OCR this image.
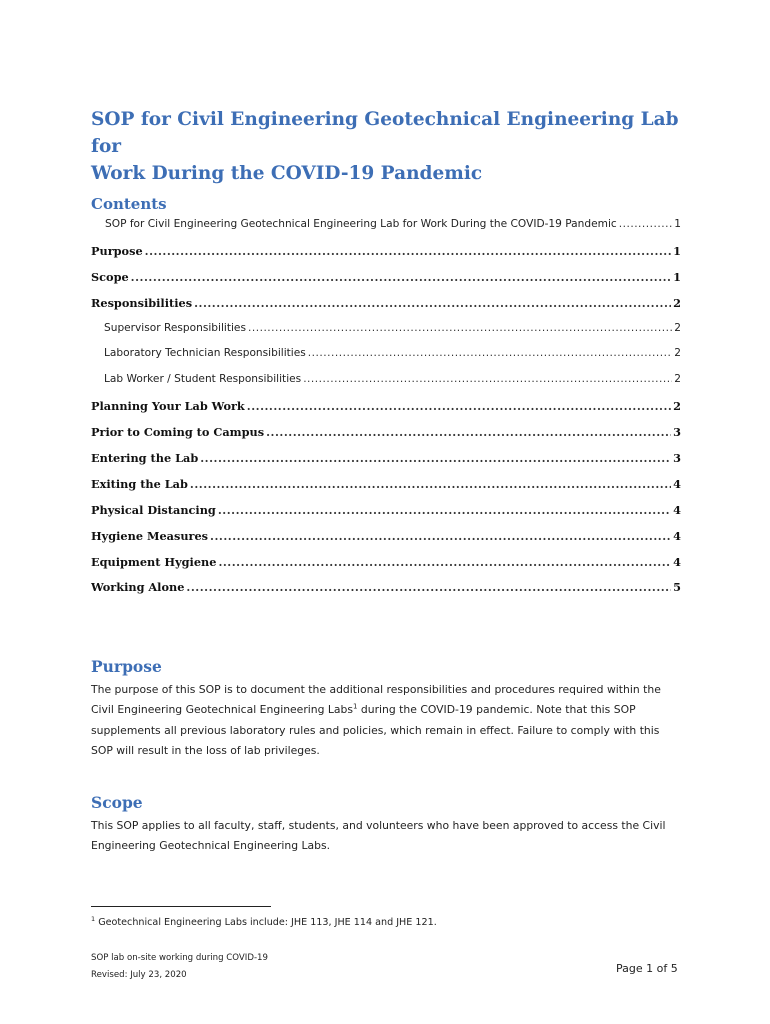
SOP for Civil Engineering Geotechnical Engineering Lab for
Work During the COVID-19 Pandemic
Contents
SOP for Civil Engineering Geotechnical Engineering Lab for Work During the COVID-19 Pandemic .....	1
Purpose .....	1
Scope .....	1
Responsibilities .....	2
Supervisor Responsibilities .....	2
Laboratory Technician Responsibilities .....	2
Lab Worker / Student Responsibilities .....	2
Planning Your Lab Work .....	2
Prior to Coming to Campus .....	3
Entering the Lab .....	3
Exiting the Lab .....	4
Physical Distancing .....	4
Hygiene Measures .....	4
Equipment Hygiene .....	4
Working Alone .....	5
Purpose

The purpose of this SOP is to document the additional responsibilities and procedures required within the Civil Engineering Geotechnical Engineering Labs$^1$ during the COVID-19 pandemic. Note that this SOP supplements all previous laboratory rules and policies, which remain in effect. Failure to comply with this SOP will result in the loss of lab privileges.

Scope

This SOP applies to all faculty, staff, students, and volunteers who have been approved to access the Civil Engineering Geotechnical Engineering Labs.

$^1$ Geotechnical Engineering Labs include: JHE 113, JHE 114 and JHE 121.

SOP lab on-site working during COVID-19
Revised: July 23, 2020	Page 1 of 5
